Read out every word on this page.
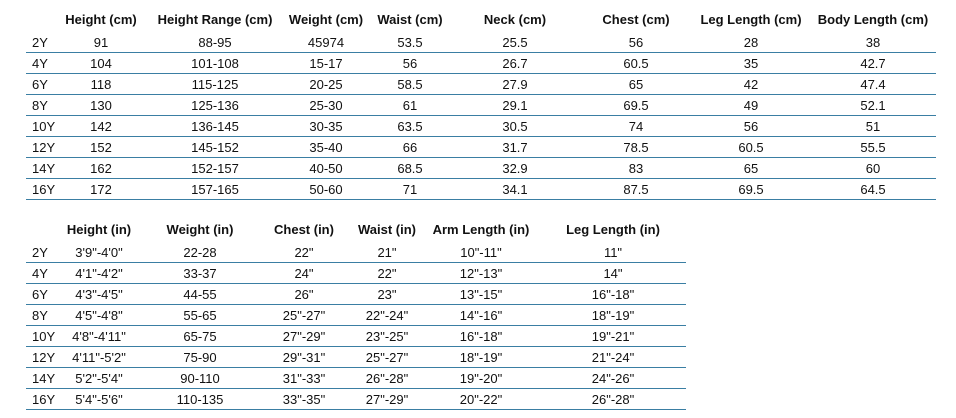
	Height (cm)	Height Range (cm)	Weight (cm)	Waist (cm)	Neck (cm)	Chest (cm)	Leg Length (cm)	Body Length (cm)
2Y	91	88-95	45974	53.5	25.5	56	28	38
4Y	104	101-108	15-17	56	26.7	60.5	35	42.7
6Y	118	115-125	20-25	58.5	27.9	65	42	47.4
8Y	130	125-136	25-30	61	29.1	69.5	49	52.1
10Y	142	136-145	30-35	63.5	30.5	74	56	51
12Y	152	145-152	35-40	66	31.7	78.5	60.5	55.5
14Y	162	152-157	40-50	68.5	32.9	83	65	60
16Y	172	157-165	50-60	71	34.1	87.5	69.5	64.5
	Height (in)	Weight (in)	Chest (in)	Waist (in)	Arm Length (in)	Leg Length (in)
2Y	3'9"-4'0"	22-28	22"	21"	10"-11"	11"
4Y	4'1"-4'2"	33-37	24"	22"	12"-13"	14"
6Y	4'3"-4'5"	44-55	26"	23"	13"-15"	16"-18"
8Y	4'5"-4'8"	55-65	25"-27"	22"-24"	14"-16"	18"-19"
10Y	4'8"-4'11"	65-75	27"-29"	23"-25"	16"-18"	19"-21"
12Y	4'11"-5'2"	75-90	29"-31"	25"-27"	18"-19"	21"-24"
14Y	5'2"-5'4"	90-110	31"-33"	26"-28"	19"-20"	24"-26"
16Y	5'4"-5'6"	110-135	33"-35"	27"-29"	20"-22"	26"-28"
